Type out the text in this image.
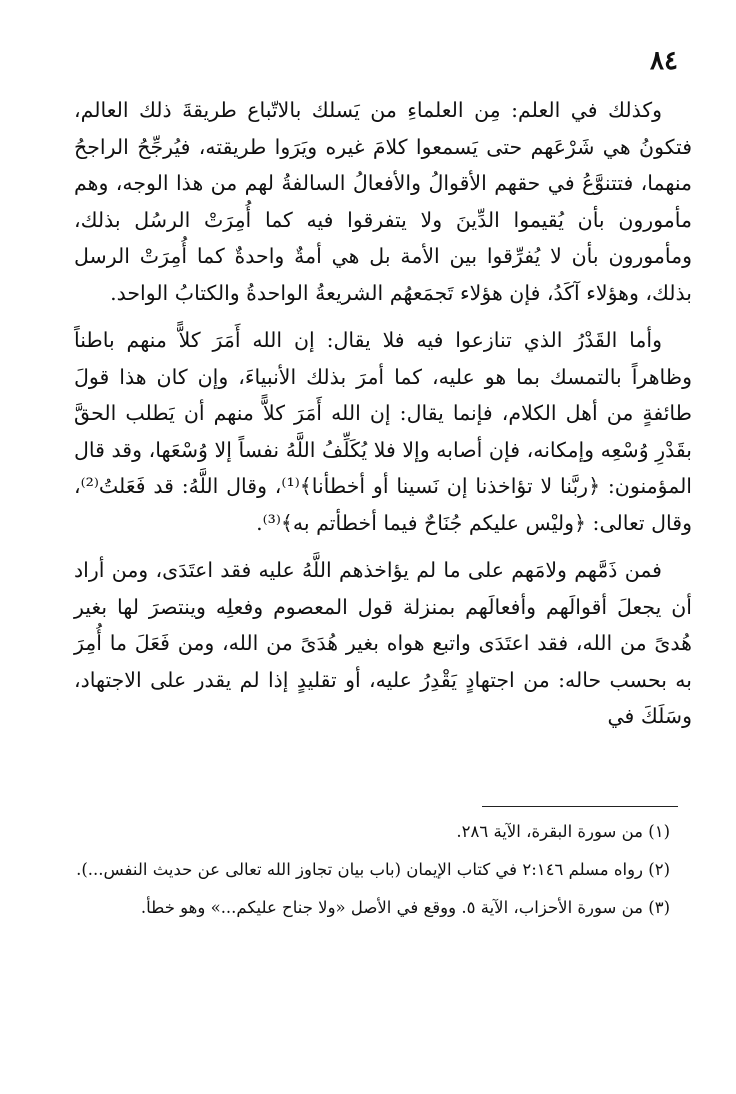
٨٤

وكذلك في العلم: مِن العلماءِ من يَسلك بالاتّباع طريقةَ ذلك العالم، فتكونُ هي شَرْعَهم حتى يَسمعوا كلامَ غيره ويَرَوا طريقته، فيُرجِّحُ الراجحُ منهما، فتتنوَّعُ في حقهم الأقوالُ والأفعالُ السالفةُ لهم من هذا الوجه، وهم مأمورون بأن يُقيموا الدِّينَ ولا يتفرقوا فيه كما أُمِرَتْ الرسُل بذلك، ومأمورون بأن لا يُفرِّقوا بين الأمة بل هي أمةٌ واحدةٌ كما أُمِرَتْ الرسل بذلك، وهؤلاء آكَدُ، فإن هؤلاء تَجمَعهُم الشريعةُ الواحدةُ والكتابُ الواحد.

وأما القَدْرُ الذي تنازعوا فيه فلا يقال: إن الله أَمَرَ كلاًّ منهم باطناً وظاهراً بالتمسك بما هو عليه، كما أمرَ بذلك الأنبياءَ، وإن كان هذا قولَ طائفةٍ من أهل الكلام، فإنما يقال: إن الله أَمَرَ كلاًّ منهم أن يَطلب الحقَّ بقَدْرِ وُسْعِه وإمكانه، فإن أصابه وإلا فلا يُكَلِّفُ اللَّهُ نفساً إلا وُسْعَها، وقد قال المؤمنون: ﴿ربَّنا لا تؤاخذنا إن نَسينا أو أخطأنا﴾⁽¹⁾، وقال اللَّهُ: قد فَعَلتُ⁽²⁾، وقال تعالى: ﴿وليْس عليكم جُنَاحٌ فيما أخطأتم به﴾⁽³⁾.

فمن ذَمَّهم ولامَهم على ما لم يؤاخذهم اللَّهُ عليه فقد اعتَدَى، ومن أراد أن يجعلَ أقوالَهم وأفعالَهم بمنزلة قول المعصوم وفعلِه وينتصرَ لها بغير هُدىً من الله، فقد اعتَدَى واتبع هواه بغير هُدَىً من الله، ومن فَعَلَ ما أُمِرَ به بحسب حاله: من اجتهادٍ يَقْدِرُ عليه، أو تقليدٍ إذا لم يقدر على الاجتهاد، وسَلَكَ في

(١) من سورة البقرة، الآية ٢٨٦.

(٢) رواه مسلم ٢:١٤٦ في كتاب الإيمان (باب بيان تجاوز الله تعالى عن حديث النفس...).

(٣) من سورة الأحزاب، الآية ٥. ووقع في الأصل «ولا جناح عليكم...» وهو خطأ.
